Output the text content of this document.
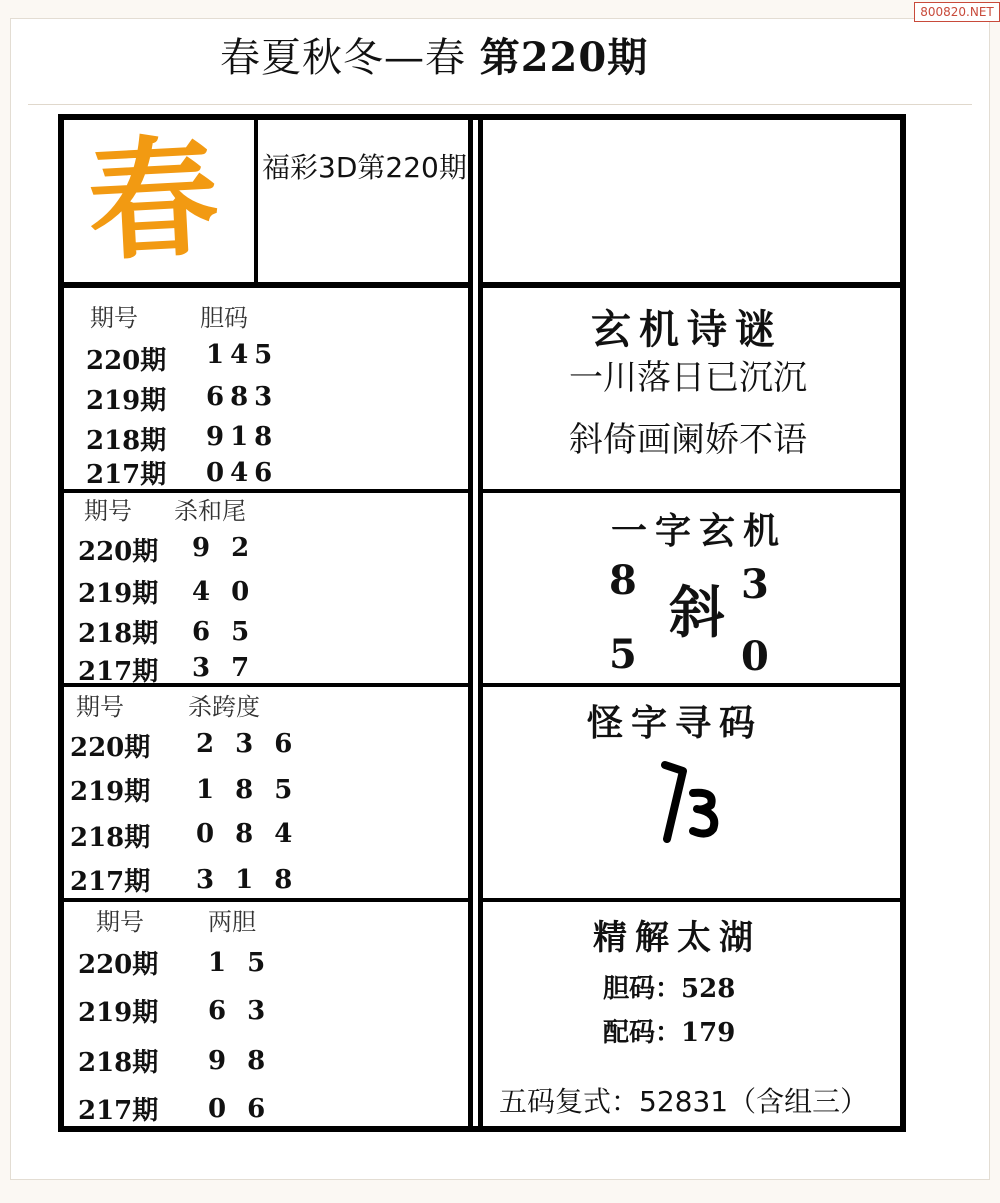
春夏秋冬—春 第220期
800820.NET
春 福彩3D第220期
期号	胆码
220期 145
219期 683
218期 918
217期 046
期号 杀和尾
220期 9 2
219期 4 0
218期 6 5
217期 3 7
期号	杀跨度
220期 2 3 6
219期 1 8 5
218期 0 8 4
217期 3 1 8
期号	两胆
220期 1 5
219期 6 3
218期 9 8
217期 0 6
玄机诗谜
一川落日已沉沉
斜倚画阑娇不语
一字玄机
8	3
斜
5	0
怪字寻码
精解太湖
胆码：528
配码：179
五码复式：52831（含组三）
